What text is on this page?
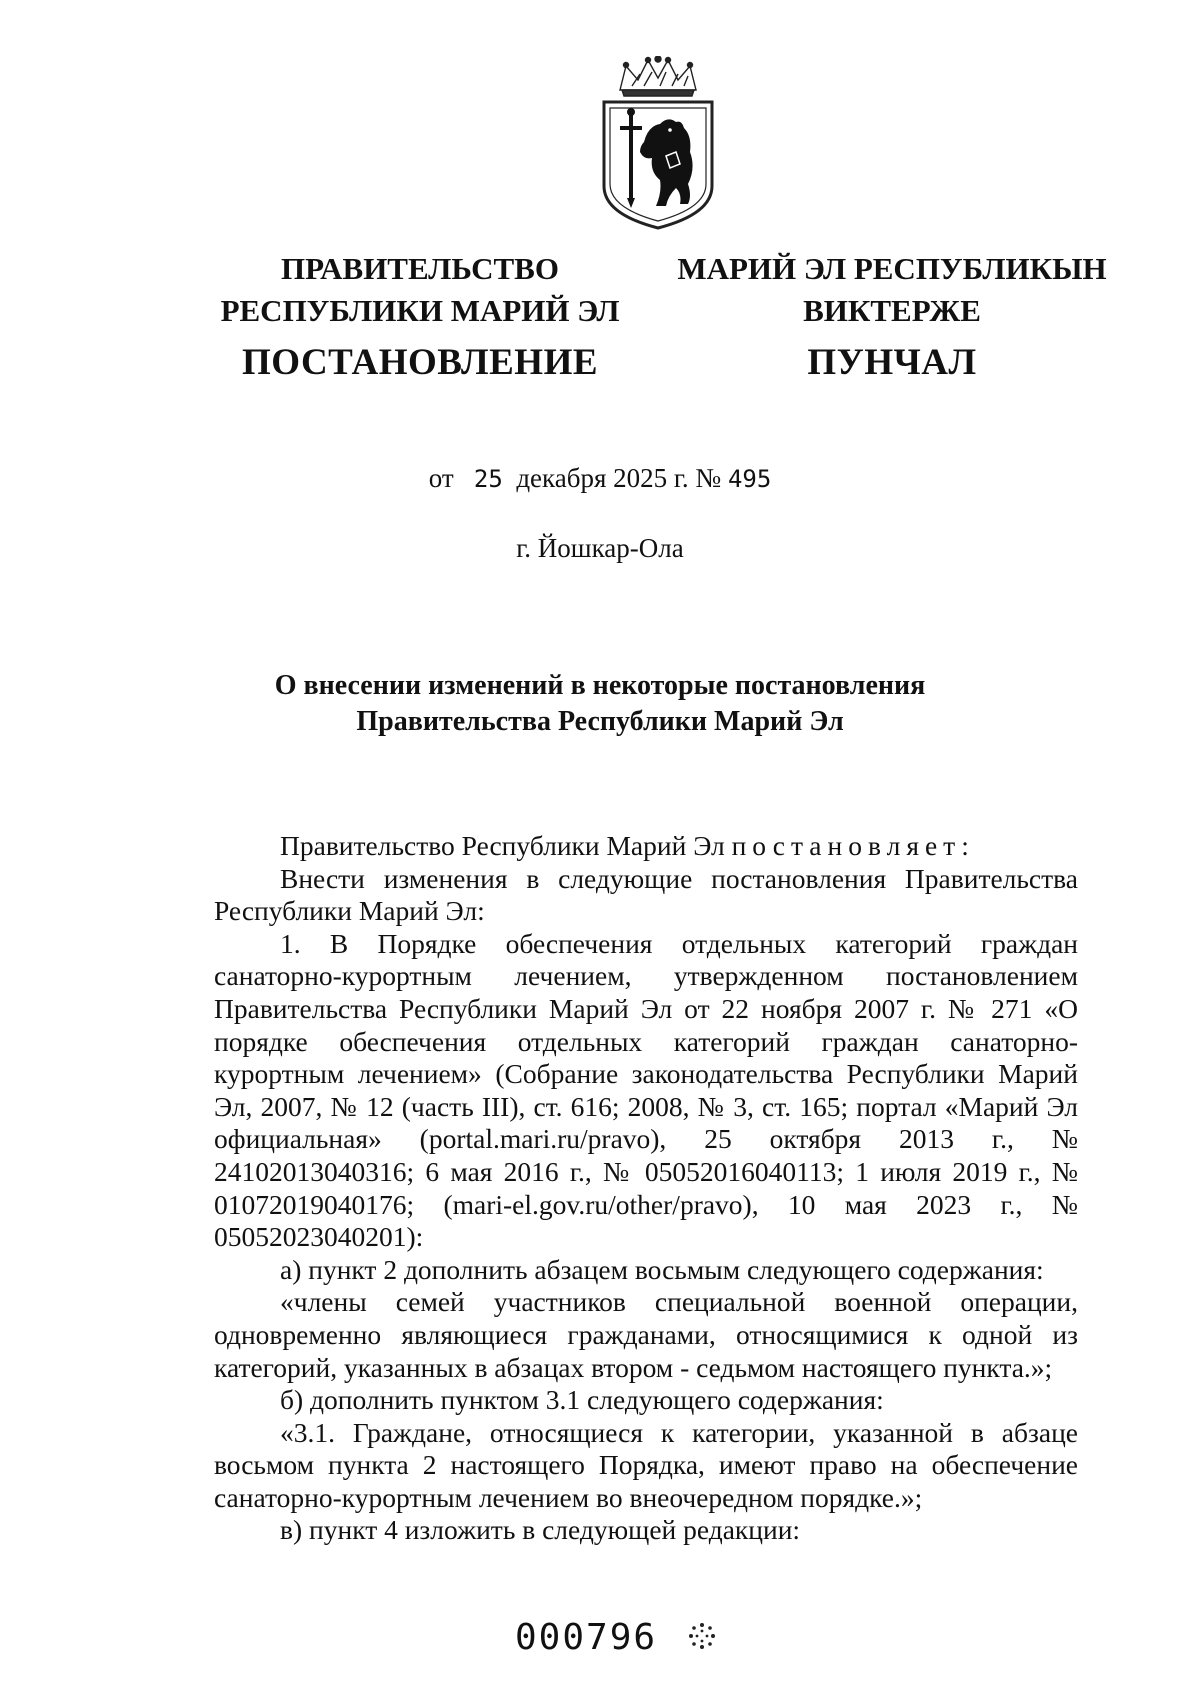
ПРАВИТЕЛЬСТВО
РЕСПУБЛИКИ МАРИЙ ЭЛ
ПОСТАНОВЛЕНИЕ
МАРИЙ ЭЛ РЕСПУБЛИКЫН
ВИКТЕРЖЕ
ПУНЧАЛ
от 25 декабря 2025 г. № 495
г. Йошкар-Ола
О внесении изменений в некоторые постановления
Правительства Республики Марий Эл

Правительство Республики Марий Эл постановляет:

Внести изменения в следующие постановления Правительства Республики Марий Эл:

1. В Порядке обеспечения отдельных категорий граждан санаторно-курортным лечением, утвержденном постановлением Правительства Республики Марий Эл от 22 ноября 2007 г. № 271 «О порядке обеспечения отдельных категорий граждан санаторно-курортным лечением» (Собрание законодательства Республики Марий Эл, 2007, № 12 (часть III), ст. 616; 2008, № 3, ст. 165; портал «Марий Эл официальная» (portal.mari.ru/pravo), 25 октября 2013 г., № 24102013040316; 6 мая 2016 г., № 05052016040113; 1 июля 2019 г., № 01072019040176; (mari-el.gov.ru/other/pravo), 10 мая 2023 г., № 05052023040201):

а) пункт 2 дополнить абзацем восьмым следующего содержания:

«члены семей участников специальной военной операции, одновременно являющиеся гражданами, относящимися к одной из категорий, указанных в абзацах втором - седьмом настоящего пункта.»;

б) дополнить пунктом 3.1 следующего содержания:

«3.1. Граждане, относящиеся к категории, указанной в абзаце восьмом пункта 2 настоящего Порядка, имеют право на обеспечение санаторно-курортным лечением во внеочередном порядке.»;

в) пункт 4 изложить в следующей редакции:

000796
